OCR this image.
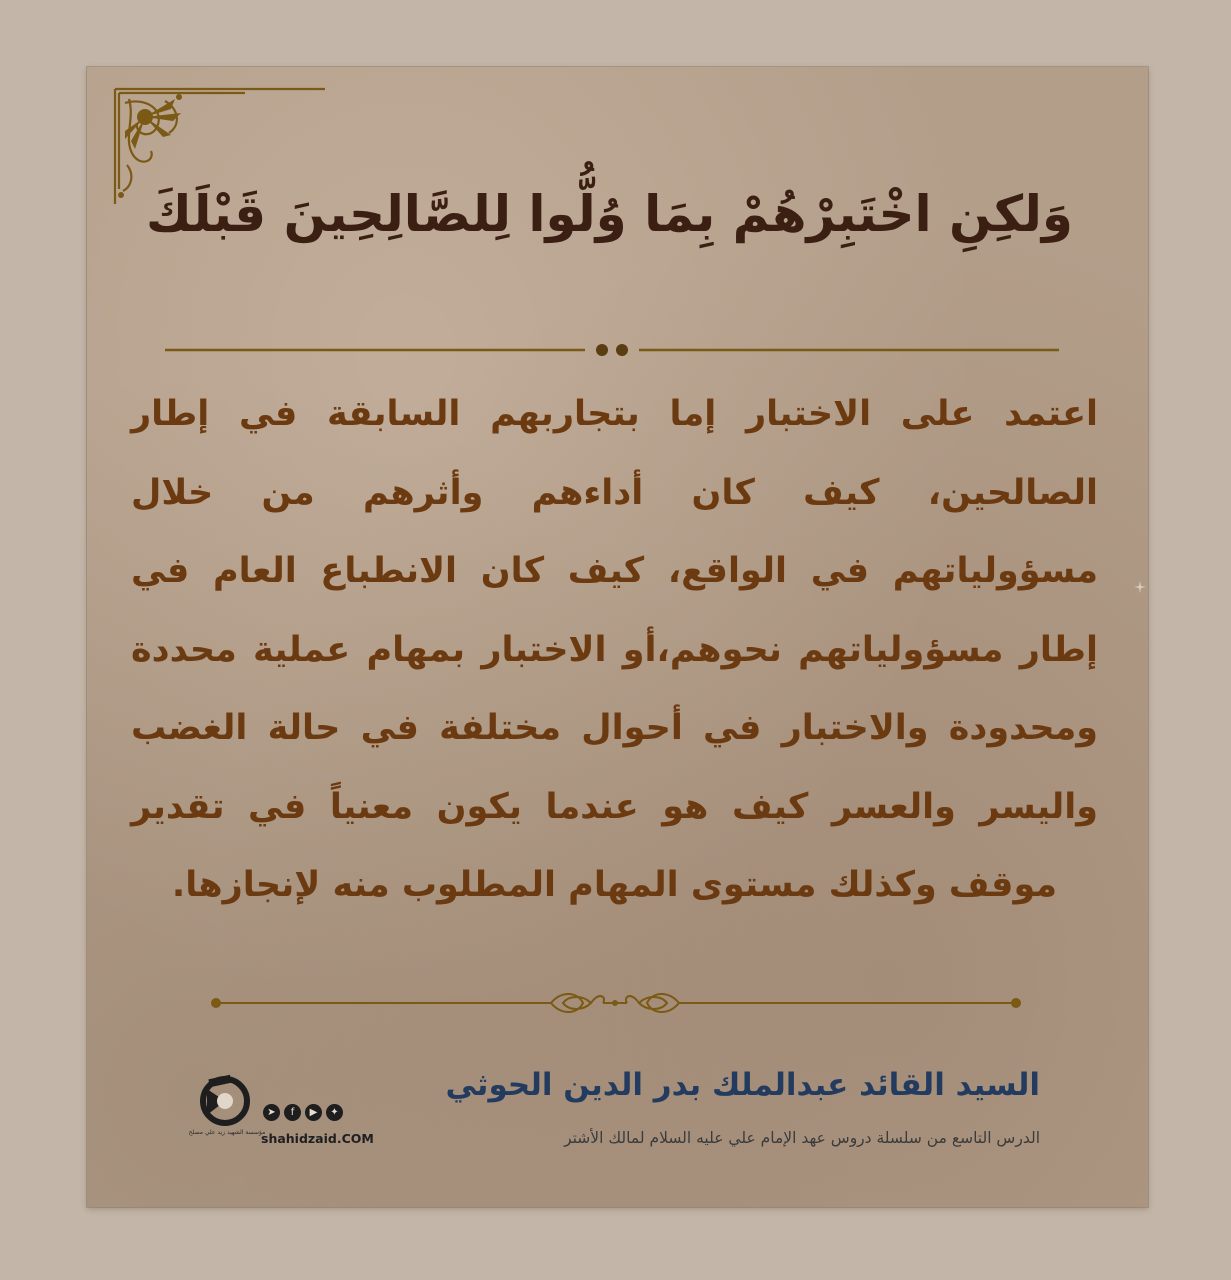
وَلكِنِ اخْتَبِرْهُمْ بِمَا وُلُّوا لِلصَّالِحِينَ قَبْلَكَ
اعتمد على الاختبار إما بتجاربهم السابقة في إطار الصالحين، كيف كان أداءهم وأثرهم من خلال مسؤولياتهم في الواقع، كيف كان الانطباع العام في إطار مسؤولياتهم نحوهم،أو الاختبار بمهام عملية محددة ومحدودة والاختبار في أحوال مختلفة في حالة الغضب واليسر والعسر كيف هو عندما يكون معنياً في تقدير موقف وكذلك مستوى المهام المطلوب منه لإنجازها.
السيد القائد عبدالملك بدر الدين الحوثي
الدرس التاسع من سلسلة دروس عهد الإمام علي عليه السلام لمالك الأشتر
مؤسسة الشهيد زيد علي مصلح
➤	f	▶	✦
shahidzaid.COM
